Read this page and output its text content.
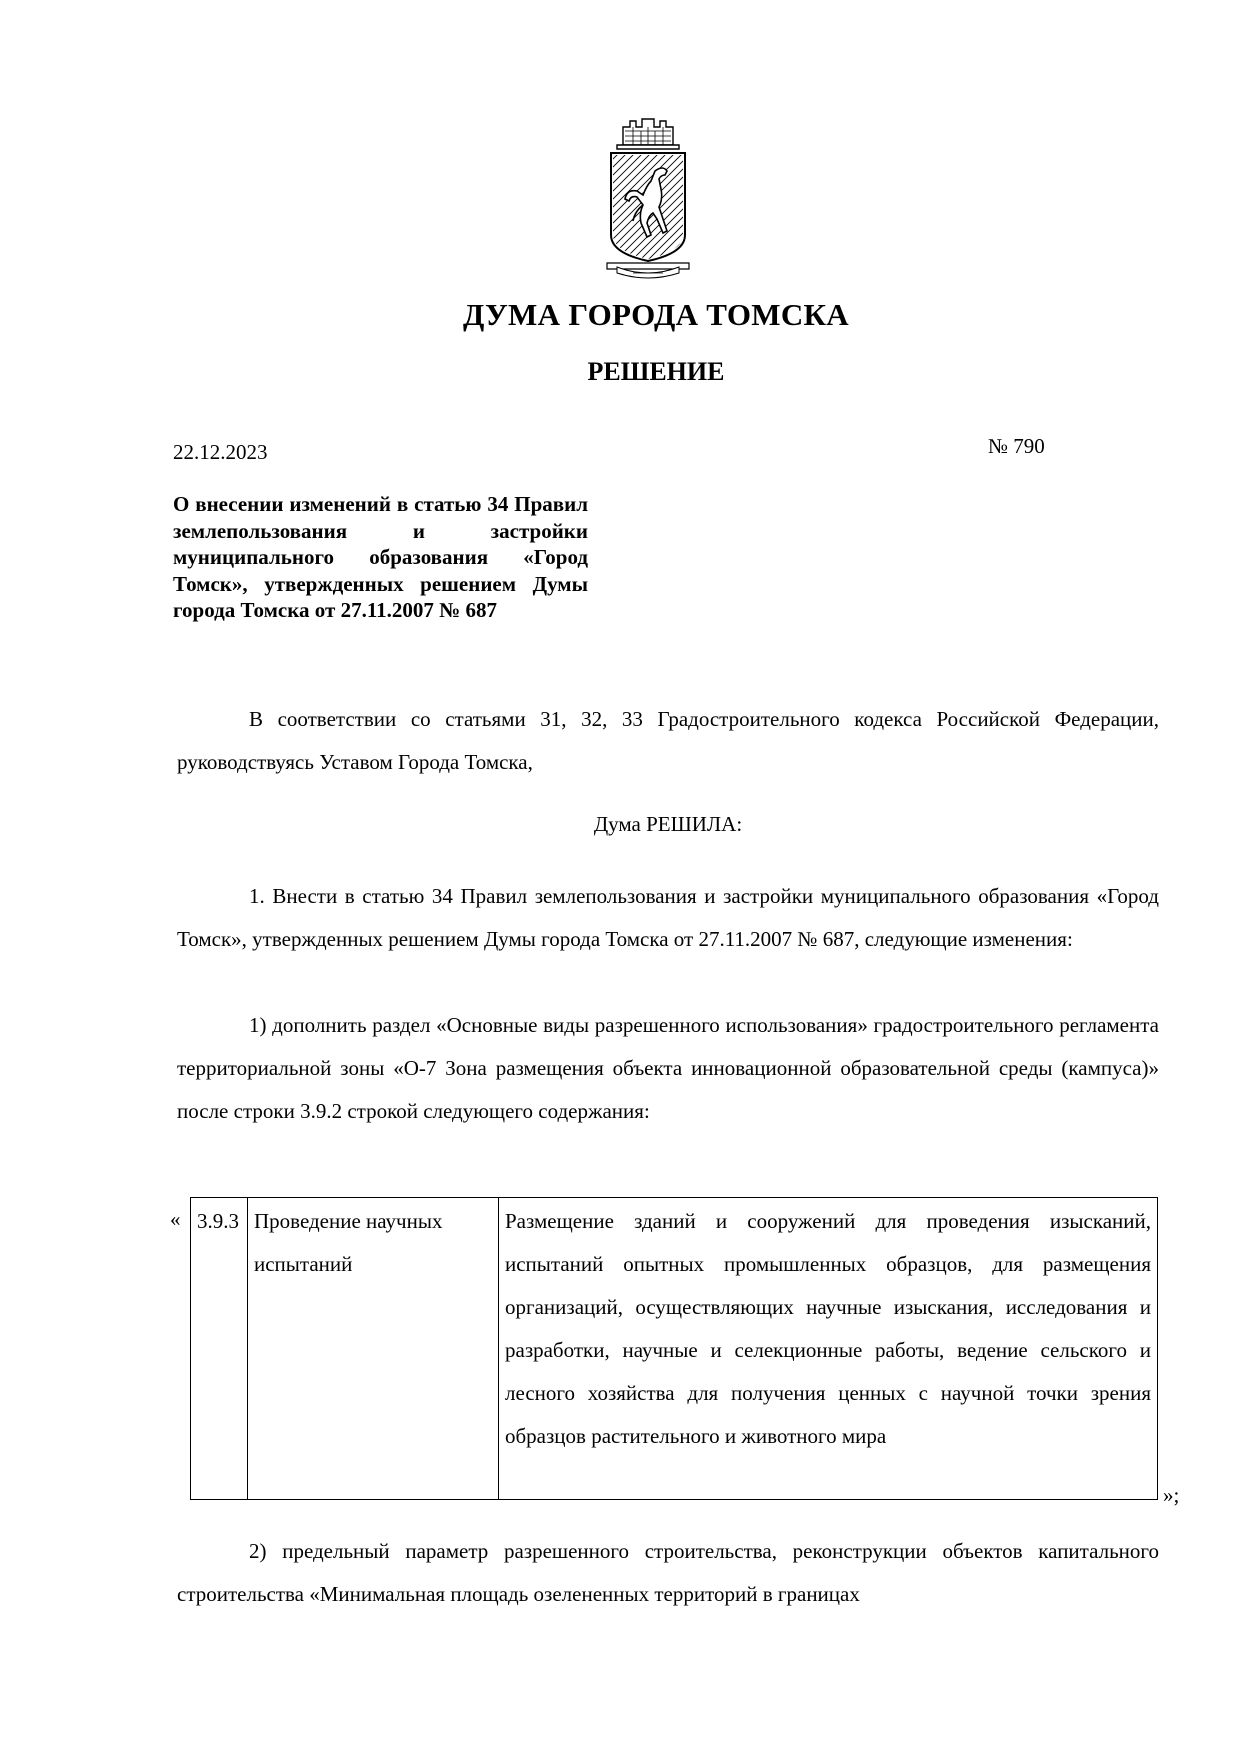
ДУМА ГОРОДА ТОМСКА
РЕШЕНИЕ
22.12.2023	№ 790
О внесении изменений в статью 34 Правил землепользования и застройки муниципального образования «Город Томск», утвержденных решением Думы города Томска от 27.11.2007 № 687

В соответствии со статьями 31, 32, 33 Градостроительного кодекса Российской Федерации, руководствуясь Уставом Города Томска,

Дума РЕШИЛА:

1. Внести в статью 34 Правил землепользования и застройки муниципального образования «Город Томск», утвержденных решением Думы города Томска от 27.11.2007 № 687, следующие изменения:

1) дополнить раздел «Основные виды разрешенного использования» градостроительного регламента территориальной зоны «О-7 Зона размещения объекта инновационной образовательной среды (кампуса)» после строки 3.9.2 строкой следующего содержания:

« 3.9.3	Проведение научных испытаний	Размещение зданий и сооружений для проведения изысканий, испытаний опытных промышленных образцов, для размещения организаций, осуществляющих научные изыскания, исследования и разработки, научные и селекционные работы, ведение сельского и лесного хозяйства для получения ценных с научной точки зрения образцов растительного и животного мира
»;

2) предельный параметр разрешенного строительства, реконструкции объектов капитального строительства «Минимальная площадь озелененных территорий в границах
